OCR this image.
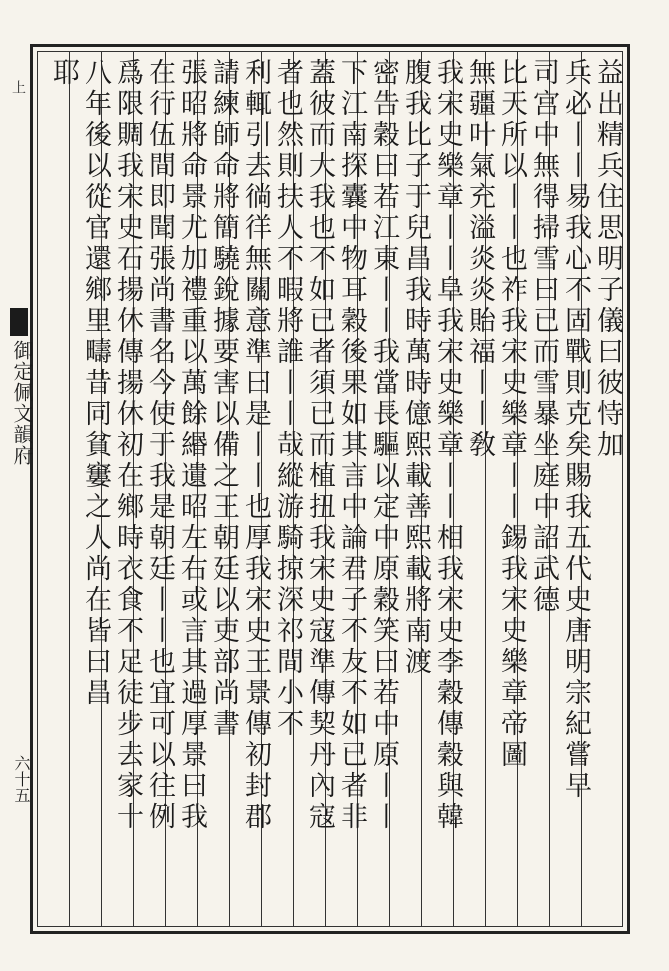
益出精兵住思明子儀曰彼恃加
兵必丨丨易我心不固戰則克矣賜我五代史唐明宗紀嘗早
司宫中無得掃雪曰已而雪暴坐庭中詔武德
比天所以丨丨也祚我宋史樂章丨丨錫我宋史樂章帝圖
無疆叶氣充溢炎炎貽福丨丨敎
我宋史樂章丨丨阜我宋史樂章丨丨相我宋史李穀傳穀與韓
腹我比子于兒昌我時萬時億熙載善熙載將南渡
密告穀曰若江東丨丨我當長驅以定中原穀笑曰若中原丨丨
下江南探囊中物耳穀後果如其言中論君子不友不如已者非
蓋彼而大我也不如已者須已而植扭我宋史寇準傳契丹內寇
者也然則扶人不暇將誰丨丨哉縱游騎掠深祁間小不
利輒引去徜徉無關意準曰是丨丨也厚我宋史王景傳初封郡
請練師命將簡驍銳據要害以備之王朝廷以吏部尚書
張昭將命景尤加禮重以萬餘緡遺昭左右或言其過厚景曰我
在行伍間即聞張尚書名今使于我是朝廷丨丨也宜可以往例
爲限賙我宋史石揚休傳揚休初在鄉時衣食不足徒步去家十
八年後以從官還鄉里疇昔同貧窶之人尚在皆曰昌
耶
上
御定佩文韻府
六十五
